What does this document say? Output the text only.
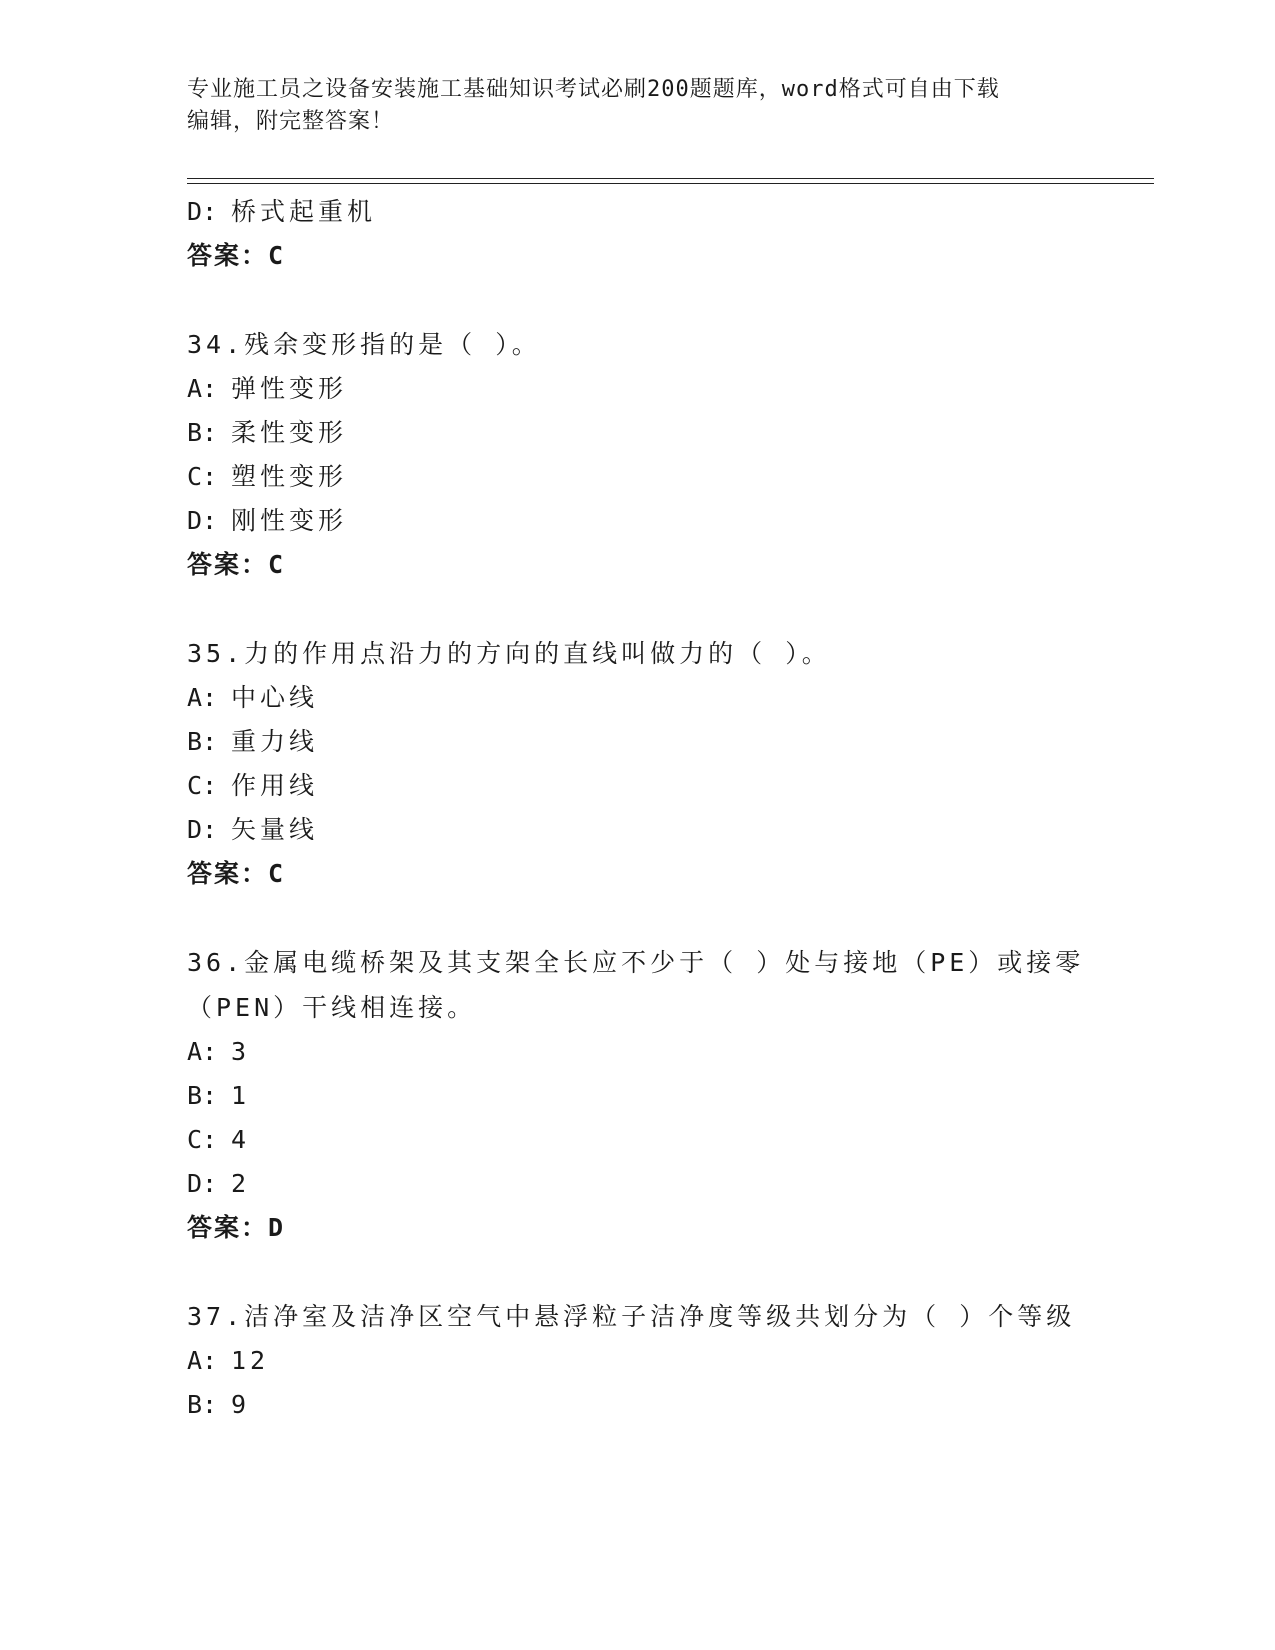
专业施工员之设备安装施工基础知识考试必刷200题题库，word格式可自由下载
编辑，附完整答案！
D: 桥式起重机
答案：C
34.残余变形指的是（ ）。
A: 弹性变形
B: 柔性变形
C: 塑性变形
D: 刚性变形
答案：C
35.力的作用点沿力的方向的直线叫做力的（ ）。
A: 中心线
B: 重力线
C: 作用线
D: 矢量线
答案：C
36.金属电缆桥架及其支架全长应不少于（ ）处与接地（PE）或接零
（PEN）干线相连接。
A: 3
B: 1
C: 4
D: 2
答案：D
37.洁净室及洁净区空气中悬浮粒子洁净度等级共划分为（ ）个等级
A: 12
B: 9
